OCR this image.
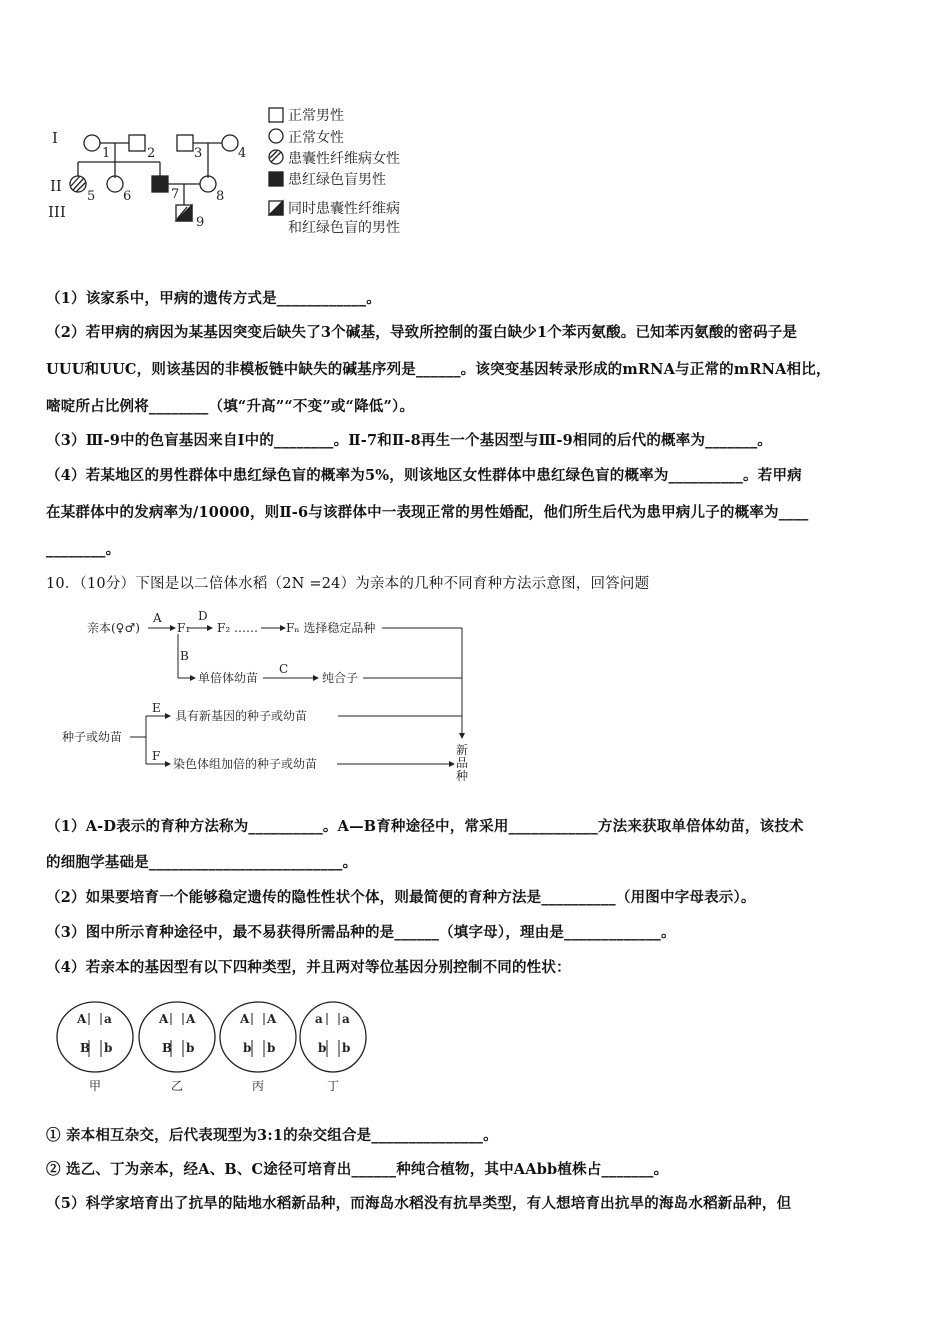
I
II
III
1	2	3	4
5 6	7	8
9
正常男性
正常女性
患囊性纤维病女性
患红绿色盲男性
同时患囊性纤维病
和红绿色盲的男性
（1）该家系中，甲病的遗传方式是____________。
（2）若甲病的病因为某基因突变后缺失了3个碱基，导致所控制的蛋白缺少1个苯丙氨酸。已知苯丙氨酸的密码子是
UUU和UUC，则该基因的非模板链中缺失的碱基序列是______。该突变基因转录形成的mRNA与正常的mRNA相比，
嘧啶所占比例将________（填“升高”“不变”或“降低”）。
（3）Ⅲ-9中的色盲基因来自Ⅰ中的________。Ⅱ-7和Ⅱ-8再生一个基因型与Ⅲ-9相同的后代的概率为_______。
（4）若某地区的男性群体中患红绿色盲的概率为5%，则该地区女性群体中患红绿色盲的概率为__________。若甲病
在某群体中的发病率为/10000，则Ⅱ-6与该群体中一表现正常的男性婚配，他们所生后代为患甲病儿子的概率为____
________。
10．（10分）下图是以二倍体水稻（2N =24）为亲本的几种不同育种方法示意图，回答问题
亲本(♀♂)
A
F₁
D
F₂ …… Fₙ 选择稳定品种
B
单倍体幼苗
C
纯合子
种子或幼苗
E
具有新基因的种子或幼苗
F
染色体组加倍的种子或幼苗
新
品
种
（1）A-D表示的育种方法称为__________。A—B育种途径中，常采用____________方法来获取单倍体幼苗，该技术
的细胞学基础是__________________________。
（2）如果要培育一个能够稳定遗传的隐性性状个体，则最简便的育种方法是__________（用图中字母表示）。
（3）图中所示育种途径中，最不易获得所需品种的是______（填字母），理由是_____________。
（4）若亲本的基因型有以下四种类型，并且两对等位基因分别控制不同的性状：
A a
B b
甲
A A
B b
乙
A A
b b
丙
a a
b b
丁
① 亲本相互杂交，后代表现型为3:1的杂交组合是_______________。
② 选乙、丁为亲本，经A、B、C途径可培育出______种纯合植物，其中AAbb植株占_______。
（5）科学家培育出了抗旱的陆地水稻新品种，而海岛水稻没有抗旱类型，有人想培育出抗旱的海岛水稻新品种，但
